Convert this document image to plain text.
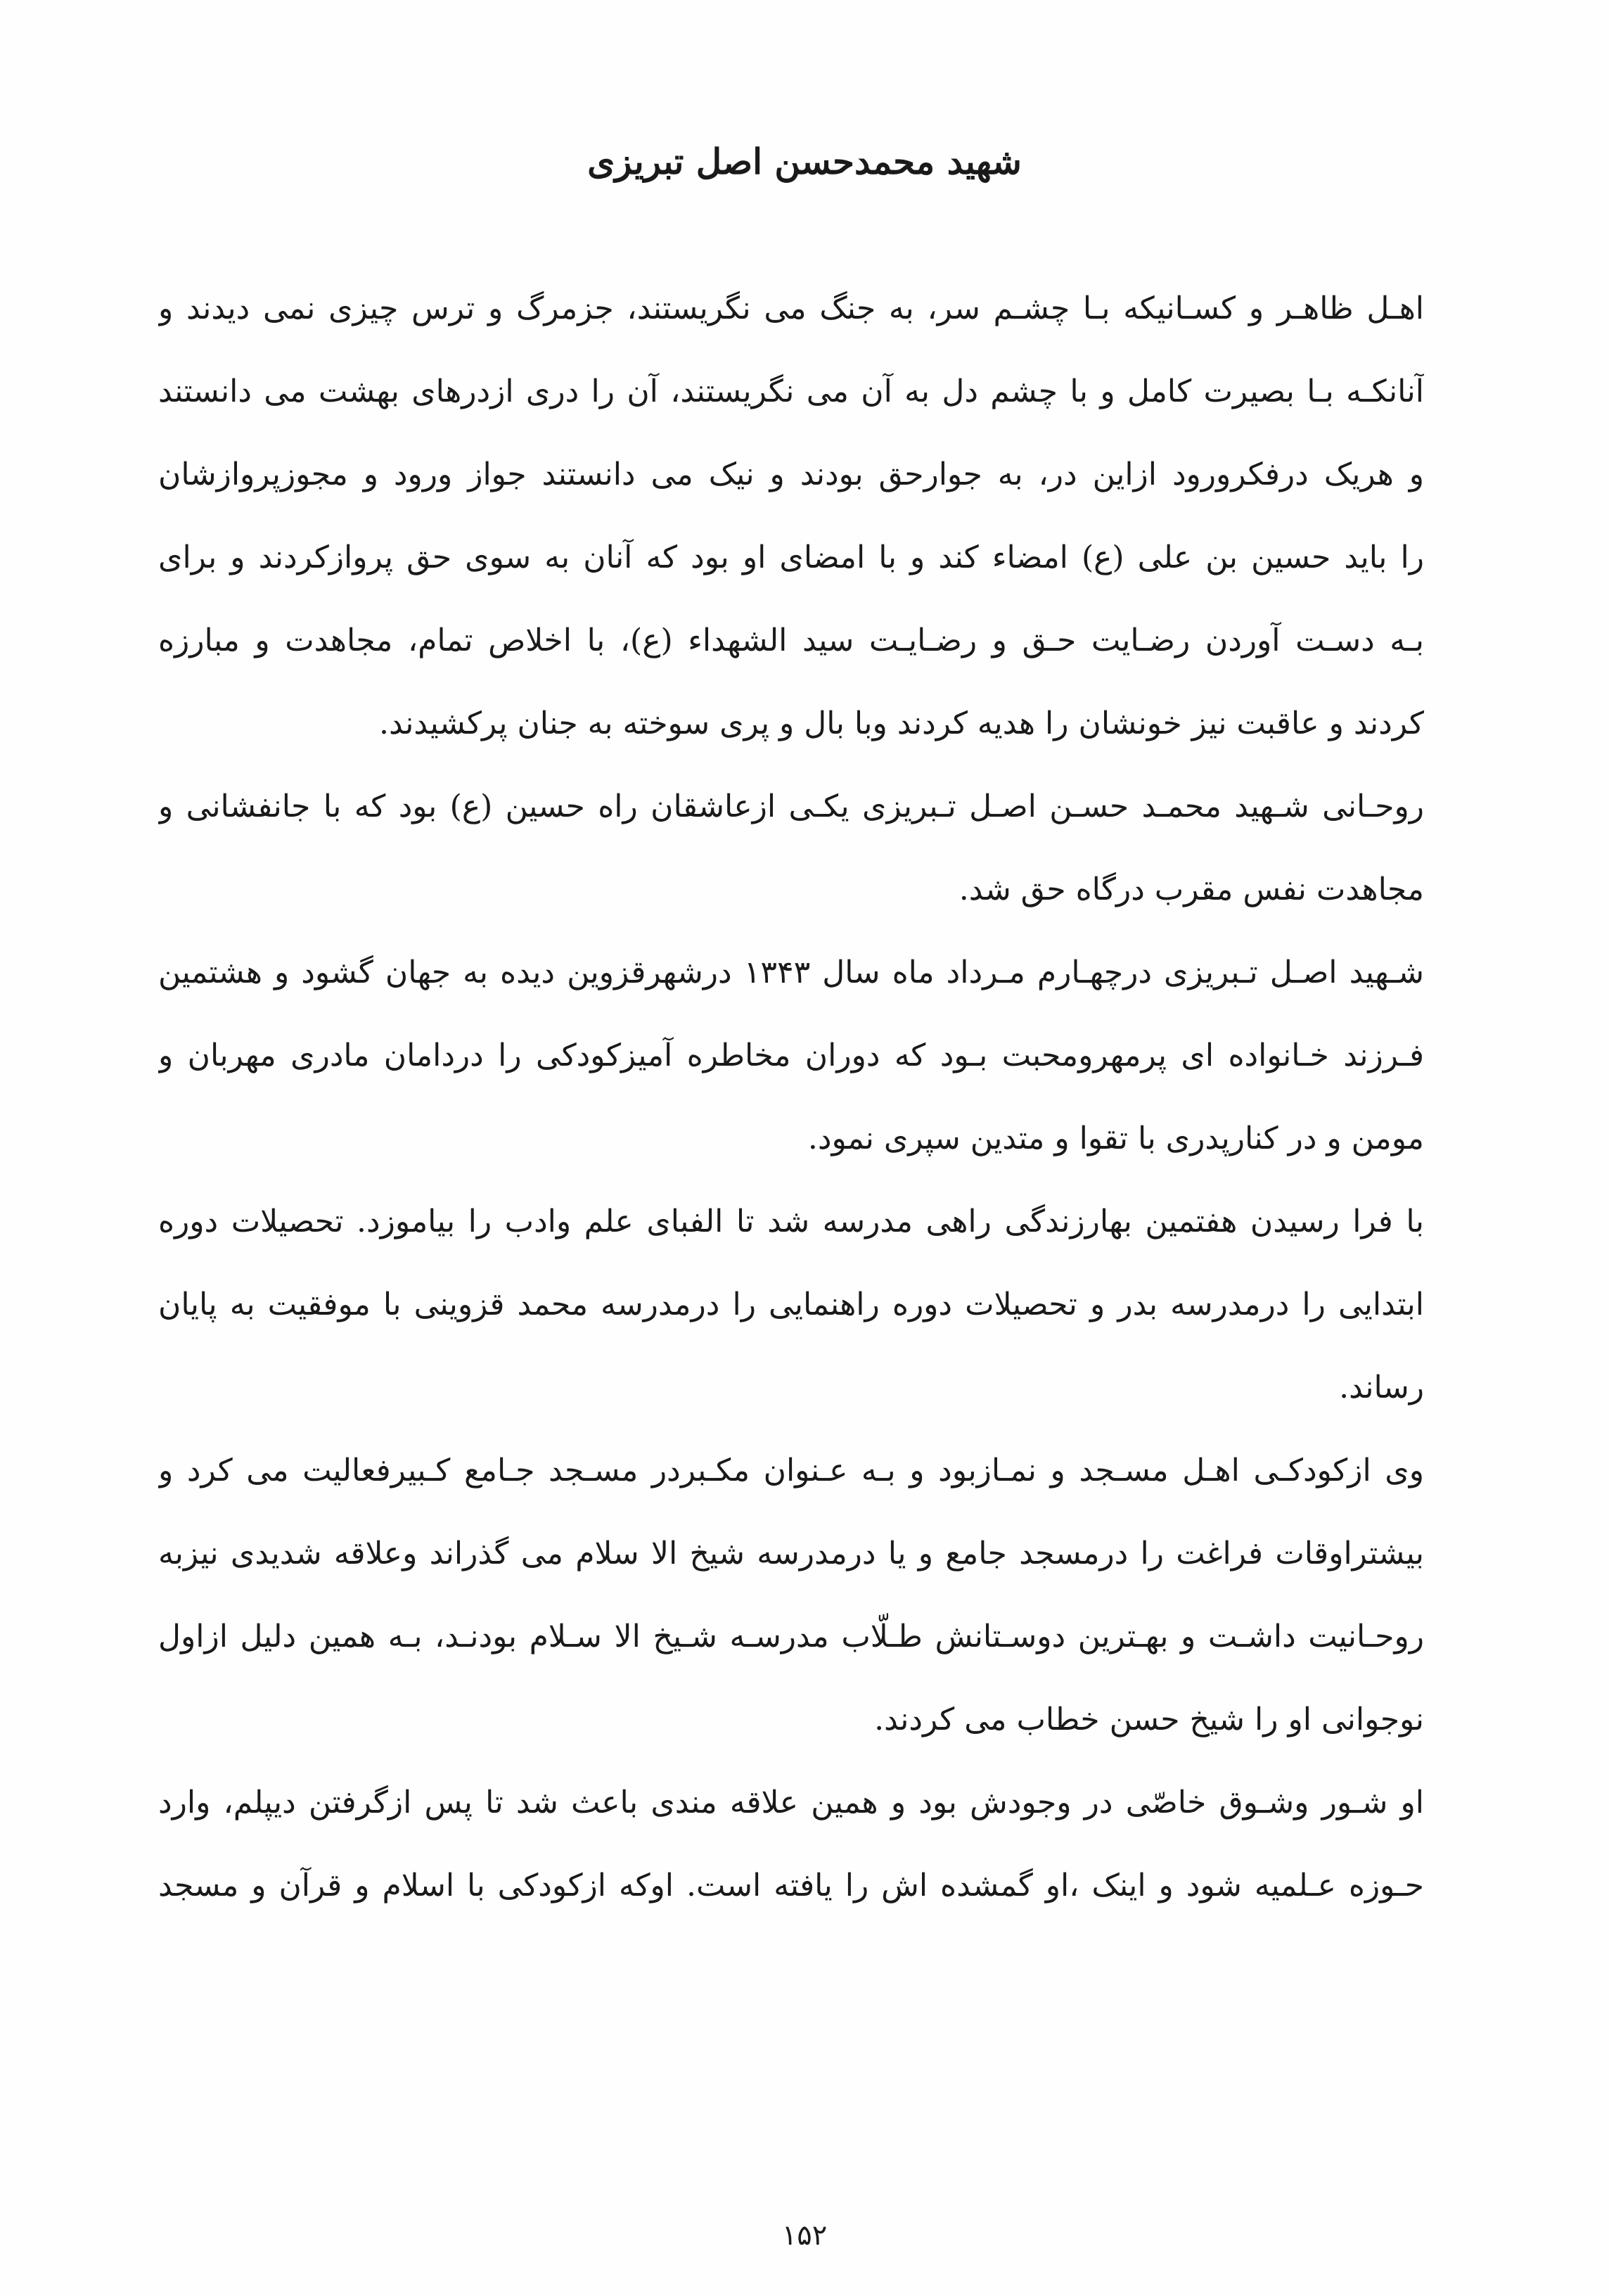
شهید محمدحسن اصل تبریزی
اهـل ظاهـر و کسـانیکه بـا چشـم سر، به جنگ می نگریستند، جزمرگ و ترس چیزی نمی دیدند و
آنانکـه بـا بصیرت کامل و با چشم دل به آن می نگریستند، آن را دری ازدرهای بهشت می دانستند
و هریک درفکرورود ازاین در، به جوارحق بودند و نیک می دانستند جواز ورود و مجوزپروازشان
را باید حسین بن علی (ع) امضاء کند و با امضای او بود که آنان به سوی حق پروازکردند و برای
بـه دسـت آوردن رضـایت حـق و رضـایـت سید الشهداء (ع)، با اخلاص تمام، مجاهدت و مبارزه
کردند و عاقبت نیز خونشان را هدیه کردند وبا بال و پری سوخته به جنان پرکشیدند.
روحـانی شـهید محمـد حسـن اصـل تـبریزی یکـی ازعاشقان راه حسین (ع) بود که با جانفشانی و
مجاهدت نفس مقرب درگاه حق شد.
شـهید اصـل تـبریزی درچهـارم مـرداد ماه سال ۱۳۴۳ درشهرقزوین دیده به جهان گشود و هشتمین
فـرزند خـانواده ای پرمهرومحبت بـود که دوران مخاطره آمیزکودکی را دردامان مادری مهربان و
مومن و در کنارپدری با تقوا و متدین سپری نمود.
با فرا رسیدن هفتمین بهارزندگی راهی مدرسه شد تا الفبای علم وادب را بیاموزد. تحصیلات دوره
ابتدایی را درمدرسه بدر و تحصیلات دوره راهنمایی را درمدرسه محمد قزوینی با موفقیت به پایان
رساند.
وی ازکودکـی اهـل مسـجد و نمـازبود و بـه عـنوان مکـبردر مسـجد جـامع کـبیرفعالیت می کرد و
بیشتراوقات فراغت را درمسجد جامع و یا درمدرسه شیخ الا سلام می گذراند وعلاقه شدیدی نیزبه
روحـانیت داشـت و بهـترین دوسـتانش طـلّاب مدرسـه شـیخ الا سـلام بودنـد، بـه همین دلیل ازاول
نوجوانی او را شیخ حسن خطاب می کردند.
او شـور وشـوق خاصّی در وجودش بود و همین علاقه مندی باعث شد تا پس ازگرفتن دیپلم، وارد
حـوزه عـلمیه شود و اینک ،او گمشده اش را یافته است. اوکه ازکودکی با اسلام و قرآن و مسجد
۱۵۲
